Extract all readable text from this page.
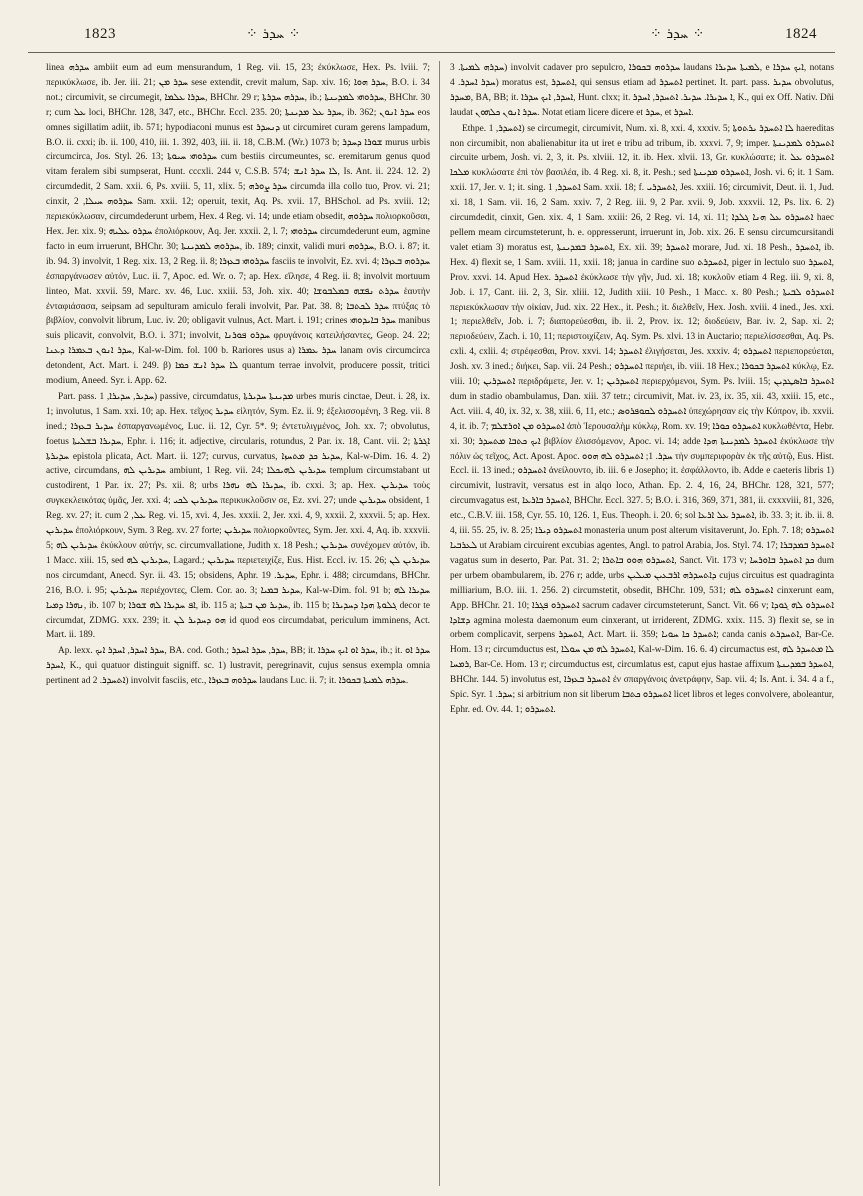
1823	⁘ ܚܕܪ ⁘	⁘ ܚܕܪ ⁘	1824

linea ܚܕܪܗ ambiit eum ad eum mensurandum, 1 Reg. vii. 15, 23; ἐκύκλωσε, Hex. Ps. lviii. 7; περικύκλωσε, ib. Jer. iii. 21; ܚܕܪ ܡܢ sese extendit, crevit malum, Sap. xiv. 16; ܚܕܪ ܗܘܐ, B.O. i. 34 not.; circumivit, se circumegit, ܚܕܪܐ ܥܠܡܐ, BHChr. 29 r; ܚܕܪܗ ܚܕܪܬܐ, ib.; ܚܕܪܘܗܝ ܠܡܕܝܢܬܐ, BHChr. 30 r; cum ܥܠ loci, BHChr. 128, 347, etc., BHChr. Eccl. 235. 20; ܚܕܪ ܥܠ ܡܕܝܢܬܐ, ib. 362; ܚܕܪ ܐܢܘܢ eos omnes sigillatim adiit, ib. 571; hypodiaconi munus est ܕܢܚܕܪ ut circumiret curam gerens lampadum, B.O. ii. cxxi; ib. ii. 100, 410, iii. 1. 392, 403, iii. ii. 18, C.B.M. (Wr.) 1073 b; ܫܘܪܐ ܕܚܕܪ murus urbis circumcirca, Jos. Styl. 26. 13; ܚܕܪܘܗܝ ܚܝܘܬܐ cum bestiis circumeuntes, sc. eremitarum genus quod vitam feralem sibi sumpserat, Hunt. cccxli. 244 v, C.S.B. 574; ܠܐ ܚܕܪ ܐܢܫ, Is. Ant. ii. 224. 12. 2) circumdedit, 2 Sam. xxii. 6, Ps. xviii. 5, 11, xlix. 5; ܚܕܪ ܨܘܪܗ circumda illa collo tuo, Prov. vi. 21; cinxit, ܚܕܪܘܗ ܚܝܠܐ, 2 Sam. xxii. 12; operuit, texit, Aq. Ps. xvii. 17, BHSchol. ad Ps. xviii. 12; περιεκύκλωσαν, circumdederunt urbem, Hex. 4 Reg. vi. 14; unde etiam obsedit, ܚܕܪܘܗ πολιορκοῦσαι, Hex. Jer. xix. 9; ܚܕܪܘ ܥܠܝܗ ἐπολιόρκουν, Aq. Jer. xxxii. 2, l. 7; ܚܕܪܘܗܝ circumdederunt eum, agmine facto in eum irruerunt, BHChr. 30; ܚܕܪܘܗ ܠܡܕܝܢܬܐ, ib. 189; cinxit, validi muri ܚܕܪܘܗ, B.O. i. 87; it. ib. 94. 3) involvit, 1 Reg. xix. 13, 2 Reg. ii. 8; ܚܕܪܘܗܝ ܒܥܙܪܐ fasciis te involvit, Ez. xvi. 4; ܚܕܪܘܗ ܒܥܙܪܐ ἐσπαργάνωσεν αὐτόν, Luc. ii. 7, Apoc. ed. Wr. o. 7; ap. Hex. εἴλησε, 4 Reg. ii. 8; involvit mortuum linteo, Mat. xxvii. 59, Marc. xv. 46, Luc. xxiii. 53, Joh. xix. 40; ܚܕܪܬ ܢܦܫܗ ܒܡܠܒܘܫܐ ἑαυτὴν ἐνταφιάσασα, seipsam ad sepulturam amiculo ferali involvit, Par. Pat. 38. 8; ܚܕܪ ܠܟܬܒܐ πτύξας τὸ βιβλίον, convolvit librum, Luc. iv. 20; obligavit vulnus, Act. Mart. i. 191; crines ܚܕܪ ܒܐܝܕܘܗܝ manibus suis plicavit, convolvit, B.O. i. 371; involvit, ܚܕܪܘ ܦܘܪܢܐ φρυγάνοις κατειλήσαντες, Geop. 24. 22; ܚܕܪ ܐܢܘܢ ܒܥܡܪܐ ܕܥܢܐ, Kal-w-Dim. fol. 100 b. Rariores usus a) ܚܕܪ ܥܡܪܐ lanam ovis circumcirca detondent, Act. Mart. i. 249. β) ܠܐ ܚܕܪ ܐܢܫ ܟܡܐ quantum terrae involvit, producere possit, tritici modium, Aneed. Syr. i. App. 62.

Part. pass. ܚܕܝܪ, ܚܕܝܪܐ, 1) passive, circumdatus, ܡܕܝܢܬܐ ܚܕܝܪܬܐ urbes muris cinctae, Deut. i. 28, ix. 1; involutus, 1 Sam. xxi. 10; ap. Hex. τεῖχος ܚܕܝܪ εἰλητόν, Sym. Ez. ii. 9; ἐξελισσομένη, 3 Reg. vii. 8 ined.; ܚܕܝܪ ܒܥܙܪܐ ἐσπαργανωμένος, Luc. ii. 12, Cyr. 5*. 9; ἐντετυλιγμένος, Joh. xx. 7; obvolutus, foetus ܚܕܝܪܐ ܒܫܠܝܬܐ, Ephr. i. 116; it. adjective, circularis, rotundus, 2 Par. ix. 18, Cant. vii. 2; ܐܓܪܬܐ ܚܕܝܪܬܐ epistola plicata, Act. Mart. ii. 127; curvus, curvatus, ܚܕܝܪ ܟܕ ܡܬܚܙܐ, Kal-w-Dim. 16. 4. 2) active, circumdans, ܚܕܝܪܝܢ ܠܗ ambiunt, 1 Reg. vii. 24; ܚܕܝܪܝܢ ܠܗܝܟܠܐ templum circumstabant ut custodirent, 1 Par. ix. 27; Ps. xii. 8; urbs ܚܕܝܪܐ ܠܗ ܢܗܪܐ, ib. cxxi. 3; ap. Hex. ܚܕܝܪܝܢ τοὺς συγκεκλεικότας ὑμᾶς, Jer. xxi. 4; ܚܕܝܪܝܢ ܠܟܝ περικυκλοῦσιν σε, Ez. xvi. 27; unde ܚܕܝܪܝܢ obsident, 1 Reg. xv. 27; it. cum ܥܠ, 2 Reg. vi. 15, xvi. 4, Jes. xxxii. 2, Jer. xxi. 4, 9, xxxii. 2, xxxvii. 5; ap. Hex. ܚܕܝܪܝܢ ἐπολιόρκουν, Sym. 3 Reg. xv. 27 forte; ܚܕܝܪܝܢ πολιορκοῦντες, Sym. Jer. xxi. 4, Aq. ib. xxxvii. 5; ܚܕܝܪܝܢ ܠܗ ἐκύκλουν αὐτήν, sc. circumvallatione, Judith x. 18 Pesh.; ܚܕܝܪܝܢ συνέχομεν αὐτόν, ib. 1 Macc. xiii. 15, sed ܚܕܝܪܝܢ ܠܗ, Lagard.; ܚܕܝܪܝܢ περιετειχίζε, Eus. Hist. Eccl. iv. 15. 26; ܚܕܝܪܝܢ ܠܢ nos circumdant, Anecd. Syr. ii. 43. 15; obsidens, Aphr. ܚܕܝܪ. 19, Ephr. i. 488; circumdans, BHChr. 216, B.O. i. 95; ܚܕܝܪܝܢ περιέχοντες, Clem. Cor. ao. 3; ܚܕܝܪ ܒܡܝܐ, Kal-w-Dim. fol. 91 b; ܚܕܝܪܐ ܠܗ ܢܗܪܐ ܕܡܝܐ, ib. 107 b; ܐܦ ܚܕܝܪܐ ܠܗ ܫܘܪܐ, ib. 115 a; ܚܕܝܪ ܡܢ ܒܝܬܐ, ib. 115 b; ܓܠܘܬܐ ܗܕܐ ܕܚܕܝܪܐ decor te circumdat, ZDMG. xxx. 239; it. ܗܘ ܕܚܕܝܪ ܠܢ id quod eos circumdabat, periculum imminens, Act. Mart. ii. 189.

Ap. lexx. ܚܕܪ ܐܚܕܪ, ܐܚܕܪ ܐܝܟ, BA. cod. Goth.; ܚܕܪ, ܚܕܪ ܐܚܕܪ, BB; it. ܚܕܪ ܐܘ ܐܝܟ ܚܕܪܐ, ib.; it. ܚܕܪ ܐܘ ܐܚܕܪ, K., qui quatuor distinguit signiff. sc. 1) lustravit, peregrinavit, cujus sensus exempla omnia pertinent ad ܐܬܚܕܪ. 2) involvit fasciis, etc., ܚܕܪܘܗ ܒܥܙܪܐ laudans Luc. ii. 7; it. ܚܕܪܗ ܠܡܝܬܐ ܒܟܘܪܐ.

ܚܕܪܗ ܠܡܝܬܐ. 3) involvit cadaver pro sepulcro, ܚܕܪܘܗ ܒܟܘܪܐ laudans ܠܡܝܬܐ ܚܕܝܪܐ, e ܐܝܟ ܚܕܪܐ, notans ܚܕܪ ܐܚܕܪ. 4) moratus est, ܐܬܚܕܪ, qui sensus etiam ad ܐܬܚܕܪ pertinet. It. part. pass. ܚܕܝܪ obvolutus, ܡܚܕܪ, BA, BB; it. ܐܚܕܪ, ܐܝܟ ܚܕܪܐ, Hunt. clxx; it. ܐ ܚܕܝܪܐ. ܚܕܝܪ. ܐܬܚܕܪ, ܐܚܕܪ, K., qui ex Off. Nativ. Dñi laudat ܚܕܪ ܐܢܘܢ ܟܠܗܘܢ. Notat etiam licere dicere et ܚܕܪ, et ܐܚܕܪ.

Ethpe. ܐܬܚܕܪ, 1) se circumegit, circumivit, Num. xi. 8, xxi. 4, xxxiv. 5; ܠܐ ܐܬܚܕܪ ܝܪܬܘܬܐ haereditas non circumibit, non abalienabitur ita ut iret e tribu ad tribum, ib. xxxvi. 7, 9; imper. ܐܬܚܕܪܘ ܠܡܕܝܢܬܐ circuite urbem, Josh. vi. 2, 3, it. Ps. xlviii. 12, it. ib. Hex. xlvii. 13, Gr. κυκλώσατε; it. ܐܬܚܕܪܘ ܥܠ ܡܠܟܐ κυκλώσατε ἐπὶ τὸν βασιλέα, ib. 4 Reg. xi. 8, it. Pesh.; sed ܐܬܚܕܪܘ ܡܕܝܢܬܐ, Josh. vi. 6; it. 1 Sam. xxii. 17, Jer. v. 1; it. sing. ܐܬܚܕܪ, 1 Sam. xxii. 18; f. ܐܬܚܕܪܝ, Jes. xxiii. 16; circumivit, Deut. ii. 1, Jud. xi. 18, 1 Sam. vii. 16, 2 Sam. xxiv. 7, 2 Reg. iii. 9, 2 Par. xvii. 9, Job. xxxvii. 12, Ps. lix. 6. 2) circumdedit, cinxit, Gen. xix. 4, 1 Sam. xxiii: 26, 2 Reg. vi. 14, xi. 11; ܐܬܚܕܪܘ ܥܠ ܗܢܐ ܓܠܕܐ haec pellem meam circumsteterunt, h. e. oppresserunt, irruerunt in, Job. xix. 26. E sensu circumcursitandi valet etiam 3) moratus est, ܐܬܚܕܪ ܒܡܕܝܢܬܐ, Ex. xii. 39; ܐܬܚܕܪ morare, Jud. xi. 18 Pesh., ܐܬܚܕܪ, ib. Hex. 4) flexit se, 1 Sam. xviii. 11, xxii. 18; janua in cardine suo ܐܬܚܕܪܬ, piger in lectulo suo ܐܬܚܕܪ, Prov. xxvi. 14. Apud Hex. ܐܬܚܕܪ ἐκύκλωσε τὴν γῆν, Jud. xi. 18; κυκλοῦν etiam 4 Reg. iii. 9, xi. 8, Job. i. 17, Cant. iii. 2, 3, Sir. xliii. 12, Judith xiii. 10 Pesh., 1 Macc. x. 80 Pesh.; ܐܬܚܕܪܘ ܠܒܝܬܐ περιεκύκλωσαν τὴν οἰκίαν, Jud. xix. 22 Hex., it. Pesh.; it. διελθεῖν, Hex. Josh. xviii. 4 ined., Jes. xxi. 1; περιελθεῖν, Job. i. 7; διαπορεύεσθαι, ib. ii. 2, Prov. ix. 12; διοδεύειν, Bar. iv. 2, Sap. xi. 2; περιοδεύειν, Zach. i. 10, 11; περιστοιχίζειν, Aq. Sym. Ps. xlvi. 13 in Auctario; περιελίσσεσθαι, Aq. Ps. cxli. 4, cxlii. 4; στρέφεσθαι, Prov. xxvi. 14; ܐܬܚܕܪ ἐλιγήσεται, Jes. xxxiv. 4; ܐܬܚܕܪܘ περιεπορεύεται, Josh. xv. 3 ined.; διήκει, Sap. vii. 24 Pesh.; ܐܬܚܕܪܘ περιήει, ib. viii. 18 Hex.; ܐܬܚܕܪ ܒܟܘܪܐ κύκλῳ, Ez. viii. 10; ܐܬܚܕܪܝܢ περιδράμετε, Jer. v. 1; ܐܬܚܕܪܝܢ περιερχόμενοι, Sym. Ps. lviii. 15; ܐܬܚܕܪ ܒܐܣܛܕܝܢ dum in stadio obambulamus, Dan. xiii. 37 tetr.; circumivit, Mat. iv. 23, ix. 35, xii. 43, xxiii. 15, etc., Act. viii. 4, 40, ix. 32, x. 38, xiii. 6, 11, etc.; ܐܬܚܕܪܘ ܠܩܘܦܪܘܣ ὑπεχώρησαν εἰς τὴν Κύπρον, ib. xxvii. 4, it. ib. 7; ܐܬܚܕܪܘ ܡܢ ܐܘܪܫܠܡ ἀπὸ Ἱερουσαλὴμ κύκλῳ, Rom. xv. 19; ܐܬܚܕܪܘ ܟܘܪܐ κυκλωθέντα, Hebr. xi. 30; ܐܝܟ ܟܬܒܐ ܡܬܚܕܪ βιβλίον ἑλισσόμενον, Apoc. vi. 14; adde ܐܬܚܕܪ ܠܡܕܝܢܬܐ ܗܕܐ ἐκύκλωσε τὴν πόλιν ὡς τεῖχος, Act. Apost. Apoc. ܚܕܪ. 1; ܐܬܚܕܪܘ ܠܗ ܗܘܘ τὴν συμπεριφορὰν ἐκ τῆς αὐτῷ, Eus. Hist. Eccl. ii. 13 ined.; ܐܬܚܕܪܘ ἀνείλουντο, ib. iii. 6 e Josepho; it. ἐσφάλλοντο, ib. Adde e caeteris libris 1) circumivit, lustravit, versatus est in alqo loco, Athan. Ep. 2. 4, 16, 24, BHChr. 128, 321, 577; circumvagatus est, ܐܬܚܕܪ ܒܐܪܥܐ, BHChr. Eccl. 327. 5; B.O. i. 316, 369, 371, 381, ii. cxxxviii, 81, 326, etc., C.B.V. iii. 158, Cyr. 55. 10, 126. 1, Eus. Theoph. i. 20. 6; sol ܐܬܚܕܪ ܥܠ ܐܪܥܐ, ib. 33. 3; it. ib. ii. 8. 4, iii. 55. 25, iv. 8. 25; ܐܬܚܕܪܘ ܕܝܪܐ monasteria unum post alterum visitaverunt, Jo. Eph. 7. 18; ܐܬܚܕܪܘ ܠܥܪܒܝܐ ut Arabiam circuirent excubias agentes, Angl. to patrol Arabia, Jos. Styl. 74. 17; ܐܬܚܕܪ ܒܡܕܒܪܐ vagatus sum in deserto, Par. Pat. 31. 2; ܐܬܚܕܪܘ ܗܘܘ ܒܐܬܪܐ, Sanct. Vit. 173 v; ܟܕ ܐܬܚܕܪ ܒܐܘܪܚܐ dum per urbem obambularem, ib. 276 r; adde, urbs ܕܐܬܚܕܪܗ ܐܪܒܥܝܢ ܡܝܠܝܢ cujus circuitus est quadraginta milliarium, B.O. iii. 1. 256. 2) circumstetit, obsedit, BHChr. 109, 531; ܐܬܚܕܪܘ ܠܗ cinxerunt eam, App. BHChr. 21. 10; ܐܬܚܕܪܘ ܦܓܪܐ sacrum cadaver circumsteterunt, Sanct. Vit. 66 v; ܐܬܚܕܪܘ ܠܗ ܓܘܕܐ ܕܫܐܕܐ agmina molesta daemonum eum cinxerant, ut irriderent, ZDMG. xxix. 115. 3) flexit se, se in orbem complicavit, serpens ܐܬܚܕܪ, Act. Mart. ii. 359; ܐܬܚܕܪ ܟܐ ܚܘܝܐ; canda canis ܐܬܚܕܪܬ, Bar-Ce. Hom. 13 r; circumductus est, ܐܬܚܕܪ ܠܗ ܡܢ ܚܘܠܐ, Kal-w-Dim. 16. 6. 4) circumactus est, ܠܐ ܡܬܚܕܪ ܠܗ ܪܡܚܐ, Bar-Ce. Hom. 13 r; circumductus est, circumlatus est, caput ejus hastae affixum ܐܬܚܕܪ ܒܡܕܝܢܬܐ, BHChr. 144. 5) involutus est, ܐܬܚܕܪ ܒܥܙܪܐ ἐν σπαργάνοις ἀνετράφην, Sap. vii. 4; Is. Ant. i. 34. 4 a f., Spic. Syr. ܚܕܪ. 1; si arbitrium non sit liberum ܐܬܚܕܪܘ ܟܬܒܐ licet libros et leges convolvere, aboleantur, Ephr. ed. Ov. 44. 1; ܐܬܚܕܪܘ.
